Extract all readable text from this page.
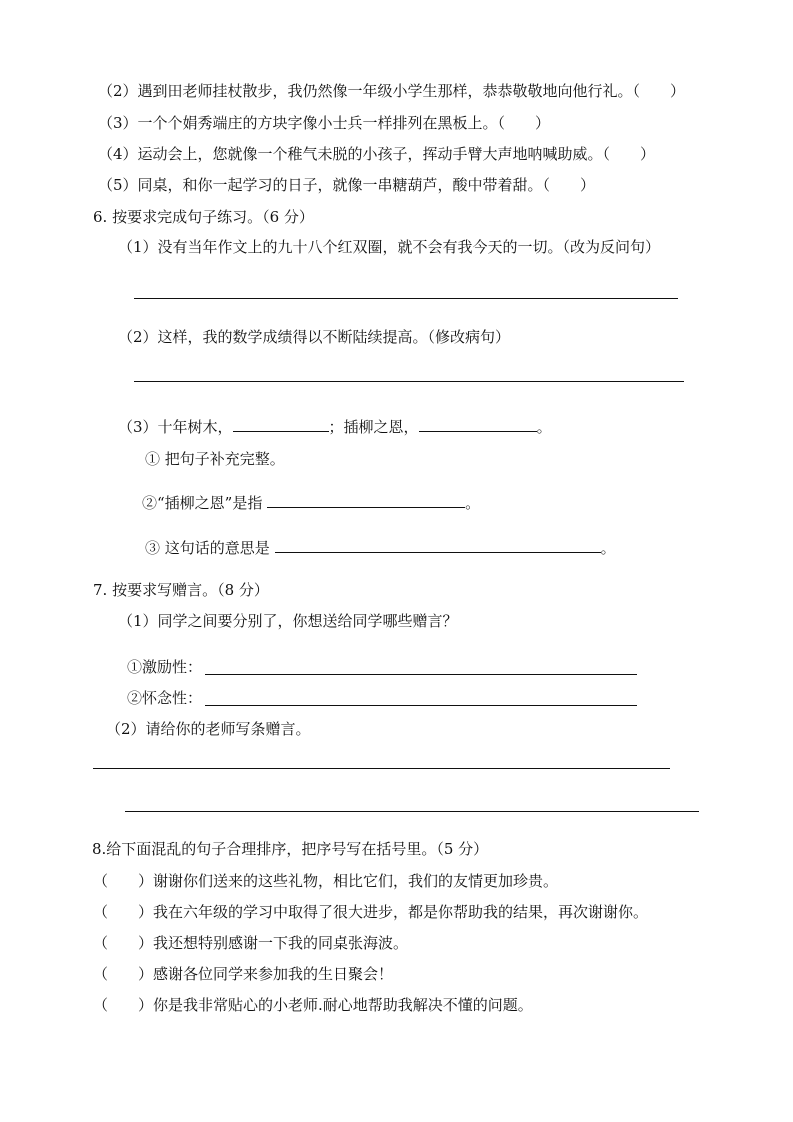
（2）遇到田老师挂杖散步，我仍然像一年级小学生那样，恭恭敬敬地向他行礼。（　　）
（3）一个个娟秀端庄的方块字像小士兵一样排列在黑板上。（　　）
（4）运动会上，您就像一个稚气未脱的小孩子，挥动手臂大声地呐喊助威。（　　）
（5）同桌，和你一起学习的日子，就像一串糖葫芦，酸中带着甜。（　　）
6. 按要求完成句子练习。（6 分）
（1）没有当年作文上的九十八个红双圈，就不会有我今天的一切。（改为反问句）
（2）这样，我的数学成绩得以不断陆续提高。（修改病句）
（3）十年树木，	；插柳之恩，	。
① 把句子补充完整。
②“插柳之恩”是指	。
③ 这句话的意思是	。
7. 按要求写赠言。（8 分）
（1）同学之间要分别了，你想送给同学哪些赠言？
①激励性：
②怀念性：
（2）请给你的老师写条赠言。
8.给下面混乱的句子合理排序，把序号写在括号里。（5 分）
（　　）谢谢你们送来的这些礼物，相比它们，我们的友情更加珍贵。
（　　）我在六年级的学习中取得了很大进步，都是你帮助我的结果，再次谢谢你。
（　　）我还想特别感谢一下我的同桌张海波。
（　　）感谢各位同学来参加我的生日聚会！
（　　）你是我非常贴心的小老师.耐心地帮助我解决不懂的问题。
